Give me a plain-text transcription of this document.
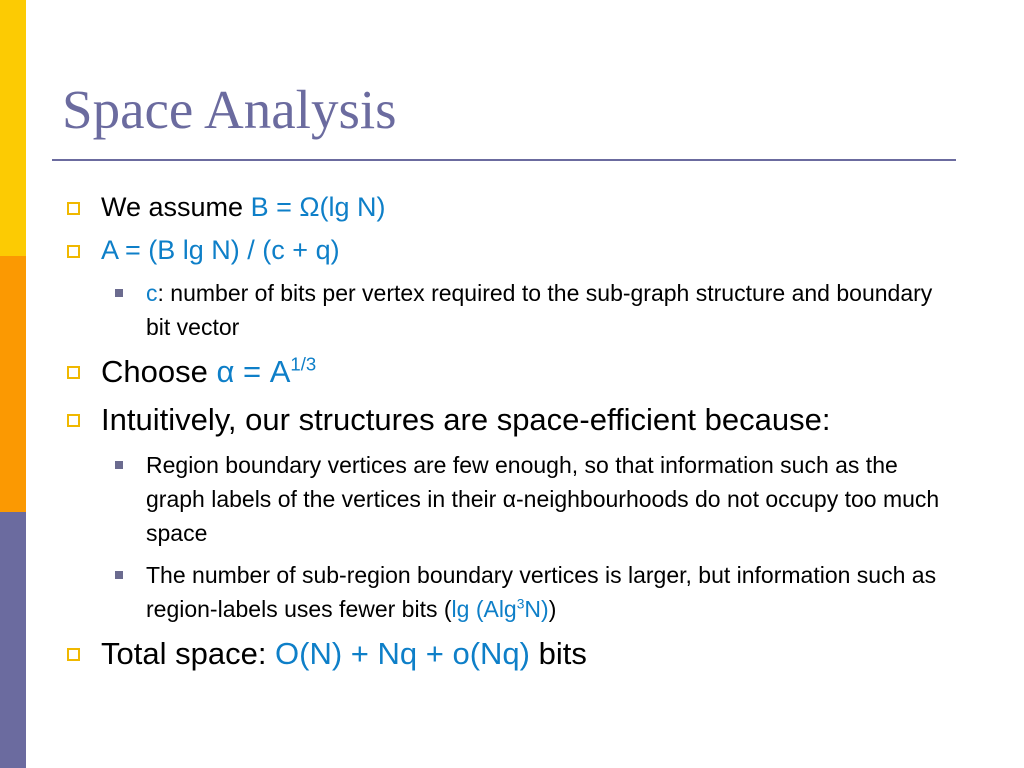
Space Analysis
We assume B = Ω(lg N)
A = (B lg N) / (c + q)
c: number of bits per vertex required to the sub-graph structure and boundary bit vector
Choose $\alpha = A^{1/3}$
Intuitively, our structures are space-efficient because:
Region boundary vertices are few enough, so that information such as the graph labels of the vertices in their α-neighbourhoods do not occupy too much space
The number of sub-region boundary vertices is larger, but information such as region-labels uses fewer bits (lg (Alg$^3$N))
Total space: O(N) + Nq + o(Nq) bits
